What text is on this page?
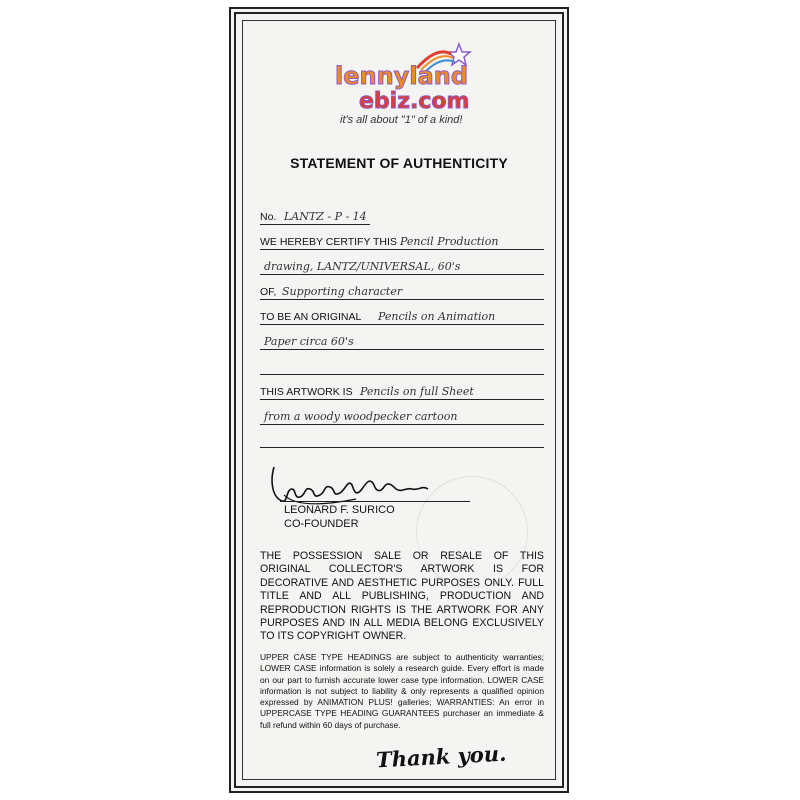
lennyland
ebiz.com
it's all about "1" of a kind!
STATEMENT OF AUTHENTICITY
No. LANTZ - P - 14
WE HEREBY CERTIFY THIS Pencil Production
drawing, LANTZ/UNIVERSAL, 60's
OF, Supporting character
TO BE AN ORIGINAL Pencils on Animation
Paper circa 60's
THIS ARTWORK IS Pencils on full Sheet
from a woody woodpecker cartoon
LEONARD F. SURICO
CO-FOUNDER
THE POSSESSION SALE OR RESALE OF THIS ORIGINAL COLLECTOR'S ARTWORK IS FOR DECORATIVE AND AESTHETIC PURPOSES ONLY. FULL TITLE AND ALL PUBLISHING, PRODUCTION AND REPRODUCTION RIGHTS IS THE ARTWORK FOR ANY PURPOSES AND IN ALL MEDIA BELONG EXCLUSIVELY TO ITS COPYRIGHT OWNER.
UPPER CASE TYPE HEADINGS are subject to authenticity warranties; LOWER CASE information is solely a research guide. Every effort is made on our part to furnish accurate lower case type information. LOWER CASE information is not subject to liability & only represents a qualified opinion expressed by ANIMATION PLUS! galleries; WARRANTIES: An error in UPPERCASE TYPE HEADING GUARANTEES purchaser an immediate & full refund within 60 days of purchase.
Thank you.
